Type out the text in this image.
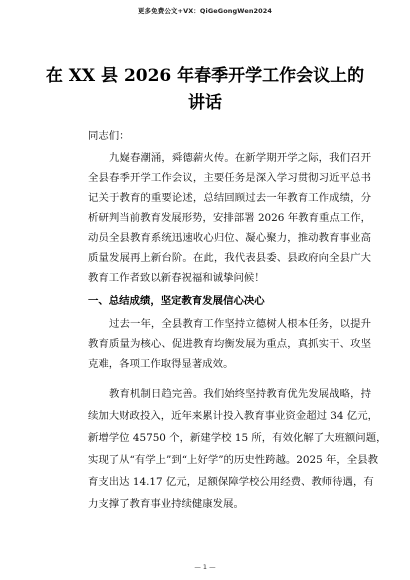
更多免费公文+VX：QiGeGongWen2024
在 XX 县 2026 年春季开学工作会议上的
讲话
同志们：
九嶷春潮涌，舜德薪火传。在新学期开学之际，我们召开
全县春季开学工作会议，主要任务是深入学习贯彻习近平总书
记关于教育的重要论述，总结回顾过去一年教育工作成绩，分
析研判当前教育发展形势，安排部署 2026 年教育重点工作，
动员全县教育系统迅速收心归位、凝心聚力，推动教育事业高
质量发展再上新台阶。在此，我代表县委、县政府向全县广大
教育工作者致以新春祝福和诚挚问候！
一、总结成绩，坚定教育发展信心决心
过去一年，全县教育工作坚持立德树人根本任务，以提升
教育质量为核心、促进教育均衡发展为重点，真抓实干、攻坚
克难，各项工作取得显著成效。
教育机制日趋完善。我们始终坚持教育优先发展战略，持
续加大财政投入，近年来累计投入教育事业资金超过 34 亿元，
新增学位 45750 个，新建学校 15 所，有效化解了大班额问题，
实现了从“有学上”到“上好学”的历史性跨越。2025 年，全县教
育支出达 14.17 亿元，足额保障学校公用经费、教师待遇，有
力支撑了教育事业持续健康发展。
— 1 —
